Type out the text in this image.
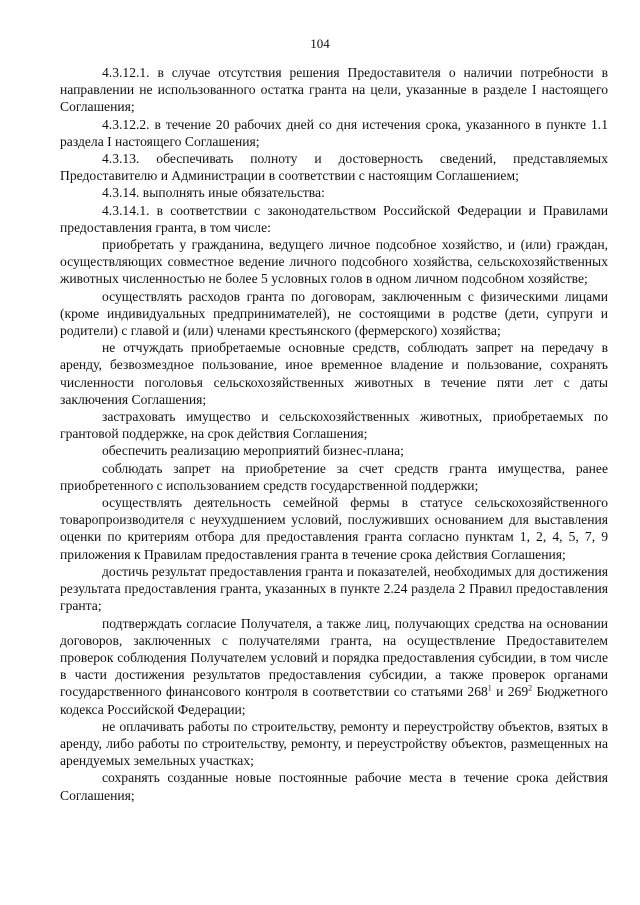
104

4.3.12.1. в случае отсутствия решения Предоставителя о наличии потребности в направлении не использованного остатка гранта на цели, указанные в разделе I настоящего Соглашения;

4.3.12.2. в течение 20 рабочих дней со дня истечения срока, указанного в пункте 1.1 раздела I настоящего Соглашения;

4.3.13. обеспечивать полноту и достоверность сведений, представляемых Предоставителю и Администрации в соответствии с настоящим Соглашением;

4.3.14. выполнять иные обязательства:

4.3.14.1. в соответствии с законодательством Российской Федерации и Правилами предоставления гранта, в том числе:

приобретать у гражданина, ведущего личное подсобное хозяйство, и (или) граждан, осуществляющих совместное ведение личного подсобного хозяйства, сельскохозяйственных животных численностью не более 5 условных голов в одном личном подсобном хозяйстве;

осуществлять расходов гранта по договорам, заключенным с физическими лицами (кроме индивидуальных предпринимателей), не состоящими в родстве (дети, супруги и родители) с главой и (или) членами крестьянского (фермерского) хозяйства;

не отчуждать приобретаемые основные средств, соблюдать запрет на передачу в аренду, безвозмездное пользование, иное временное владение и пользование, сохранять численности поголовья сельскохозяйственных животных в течение пяти лет с даты заключения Соглашения;

застраховать имущество и сельскохозяйственных животных, приобретаемых по грантовой поддержке, на срок действия Соглашения;

обеспечить реализацию мероприятий бизнес-плана;

соблюдать запрет на приобретение за счет средств гранта имущества, ранее приобретенного с использованием средств государственной поддержки;

осуществлять деятельность семейной фермы в статусе сельскохозяйственного товаропроизводителя с неухудшением условий, послуживших основанием для выставления оценки по критериям отбора для предоставления гранта согласно пунктам 1, 2, 4, 5, 7, 9 приложения к Правилам предоставления гранта в течение срока действия Соглашения;

достичь результат предоставления гранта и показателей, необходимых для достижения результата предоставления гранта, указанных в пункте 2.24 раздела 2 Правил предоставления гранта;

подтверждать согласие Получателя, а также лиц, получающих средства на основании договоров, заключенных с получателями гранта, на осуществление Предоставителем проверок соблюдения Получателем условий и порядка предоставления субсидии, в том числе в части достижения результатов предоставления субсидии, а также проверок органами государственного финансового контроля в соответствии со статьями $268^1$ и $269^2$ Бюджетного кодекса Российской Федерации;

не оплачивать работы по строительству, ремонту и переустройству объектов, взятых в аренду, либо работы по строительству, ремонту, и переустройству объектов, размещенных на арендуемых земельных участках;

сохранять созданные новые постоянные рабочие места в течение срока действия Соглашения;
